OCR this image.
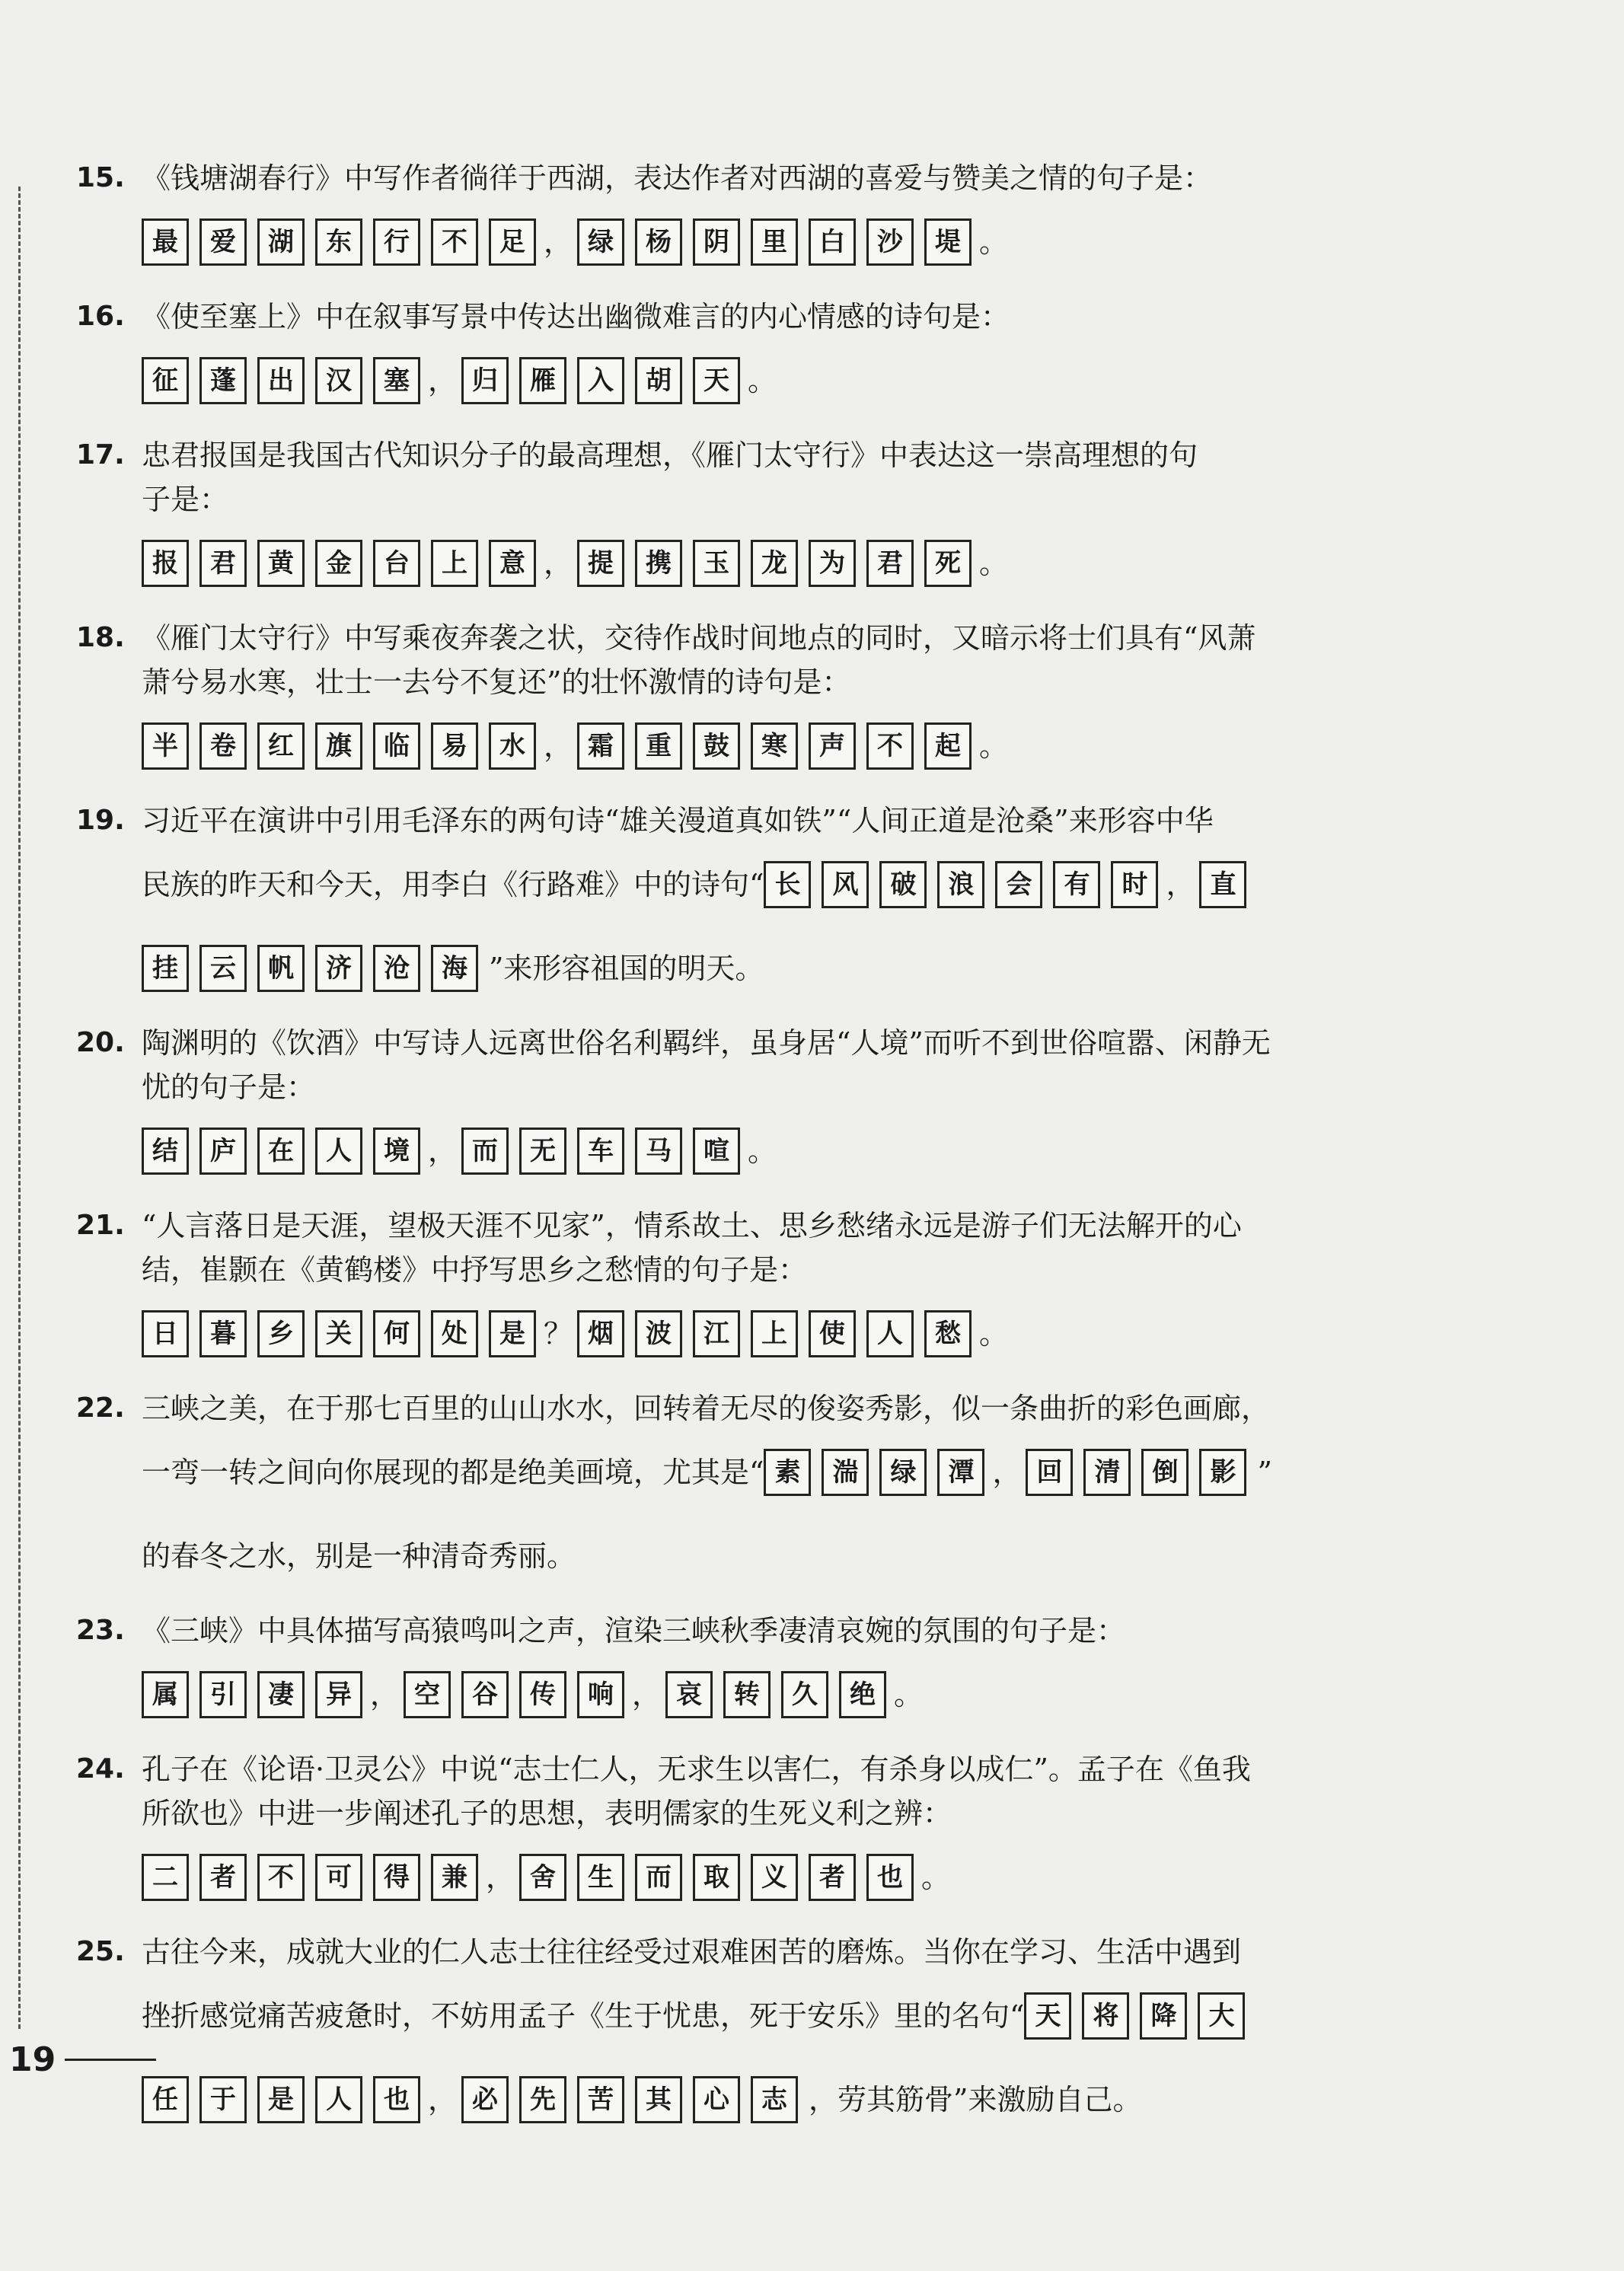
15. 《钱塘湖春行》中写作者徜徉于西湖，表达作者对西湖的喜爱与赞美之情的句子是：
最	爱	湖	东	行	不	足 ， 绿	杨	阴	里	白	沙	堤 。
16. 《使至塞上》中在叙事写景中传达出幽微难言的内心情感的诗句是：
征	蓬	出	汉	塞 ， 归	雁	入	胡	天 。
17. 忠君报国是我国古代知识分子的最高理想，《雁门太守行》中表达这一崇高理想的句
子是：
报	君	黄	金	台	上	意 ， 提	携	玉	龙	为	君	死 。
18. 《雁门太守行》中写乘夜奔袭之状，交待作战时间地点的同时，又暗示将士们具有“风萧
萧兮易水寒，壮士一去兮不复还”的壮怀激情的诗句是：
半	卷	红	旗	临	易	水 ， 霜	重	鼓	寒	声	不	起 。
19. 习近平在演讲中引用毛泽东的两句诗“雄关漫道真如铁”“人间正道是沧桑”来形容中华
民族的昨天和今天，用李白《行路难》中的诗句“ 长	风	破	浪	会	有	时 ， 直
挂	云	帆	济	沧	海 ”来形容祖国的明天。
20. 陶渊明的《饮酒》中写诗人远离世俗名利羁绊，虽身居“人境”而听不到世俗喧嚣、闲静无
忧的句子是：
结	庐	在	人	境 ， 而	无	车	马	喧 。
21. “人言落日是天涯，望极天涯不见家”，情系故土、思乡愁绪永远是游子们无法解开的心
结，崔颢在《黄鹤楼》中抒写思乡之愁情的句子是：
日	暮	乡	关	何	处	是 ？ 烟	波	江	上	使	人	愁 。
22. 三峡之美，在于那七百里的山山水水，回转着无尽的俊姿秀影，似一条曲折的彩色画廊，
一弯一转之间向你展现的都是绝美画境，尤其是“ 素	湍	绿	潭 ， 回	清	倒	影 ”
的春冬之水，别是一种清奇秀丽。
23. 《三峡》中具体描写高猿鸣叫之声，渲染三峡秋季凄清哀婉的氛围的句子是：
属	引	凄	异 ， 空	谷	传	响 ， 哀	转	久	绝 。
24. 孔子在《论语·卫灵公》中说“志士仁人，无求生以害仁，有杀身以成仁”。孟子在《鱼我
所欲也》中进一步阐述孔子的思想，表明儒家的生死义利之辨：
二	者	不	可	得	兼 ， 舍	生	而	取	义	者	也 。
25. 古往今来，成就大业的仁人志士往往经受过艰难困苦的磨炼。当你在学习、生活中遇到
挫折感觉痛苦疲惫时，不妨用孟子《生于忧患，死于安乐》里的名句“ 天	将	降	大
任	于	是	人	也 ， 必	先	苦	其	心	志 ，劳其筋骨”来激励自己。
19
